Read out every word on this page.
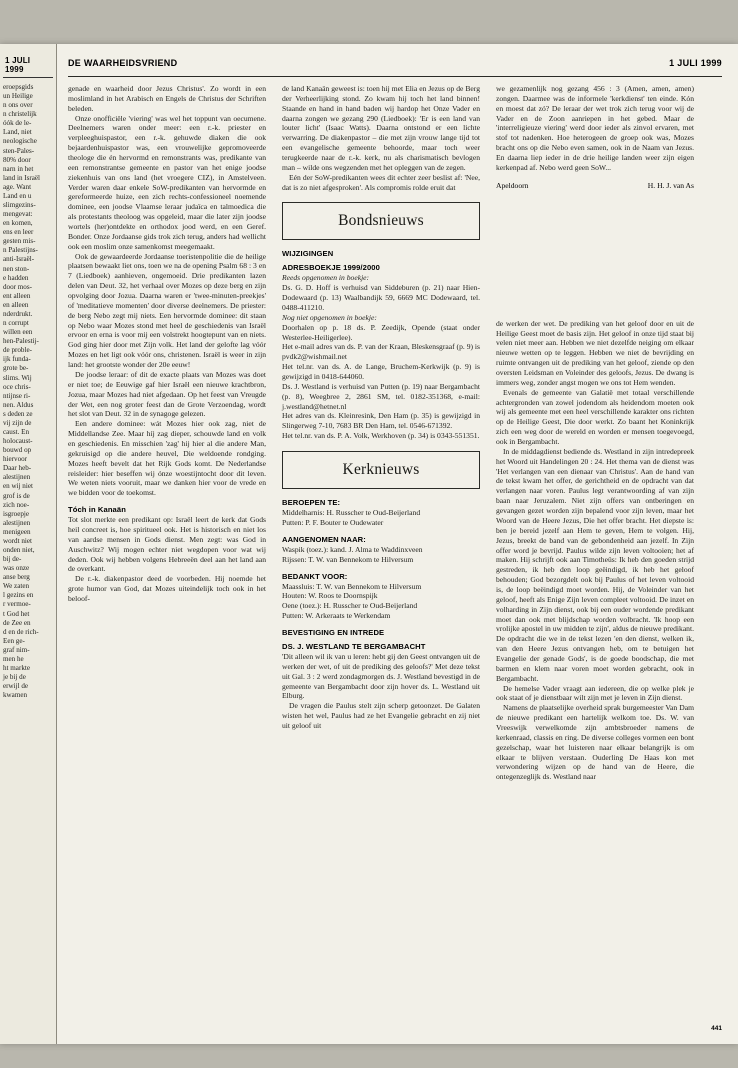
1 JULI 1999

eroepsgids

un Heilige

n ons over

n christelijk

óók de le-

Land, niet

neologische

sten-Pales-

80% door

narn in het

land in Israël

age. Want

Land en u

slimgezins-

mengevat:

en komen,

ens en leer

gesten mis-

n Palestijns-

anti-Israël-

nen ston-

e hadden

door mos-

ent alleen

en alleen

nderdrukt.

n corrupt

willen een

hen-Palestij-

de proble-

ijk funda-

grote be-

slims. Wij

oce chris-

ntijnse ri-

nen. Aldus

s deden ze

vij zijn de

caust. En

holocaust-

bouwd op

hiervoor

Daar heb-

alestijnen

en wij niet

grof is de

zich noe-

isgroepje

alestijnen

menigeen

wordt niet

onden niet,

bij de-

was onze

anse berg

We zaten

l gezins en

r vermoe-

t God het

de Zee en

d en de rich-

Een ge-

graf nim-

men he

ht markte

je bij de

erwijl de

kwamen

DE WAARHEIDSVRIEND	1 JULI 1999

genade en waarheid door Jezus Christus'. Zo wordt in een moslimland in het Arabisch en Engels de Christus der Schriften beleden.

Onze onofficiële 'viering' was wel het toppunt van oecumene. Deelnemers waren onder meer: een r.-k. priester en verpleeghuispastor, een r.-k. gehuwde diaken die ook bejaardenhuispastor was, een vrouwelijke gepromoveerde theologe die én hervormd en remonstrants was, predikante van een remonstrantse gemeente en pastor van het enige joodse ziekenhuis van ons land (het vroegere CIZ), in Amstelveen. Verder waren daar enkele SoW-predikanten van hervormde en gereformeerde huize, een zich rechts-confessioneel noemende dominee, een joodse Vlaamse leraar judaïca en talmoedica die als protestants theoloog was opgeleid, maar die later zijn joodse wortels (her)ontdekte en orthodox jood werd, en een Geref. Bonder. Onze Jordaanse gids trok zich terug, anders had wellicht ook een moslim onze samenkomst meegemaakt.

Ook de gewaardeerde Jordaanse toeristenpolitie die de heilige plaatsen bewaakt liet ons, toen we na de opening Psalm 68 : 3 en 7 (Liedboek) aanhieven, ongemoeid. Drie predikanten lazen delen van Deut. 32, het verhaal over Mozes op deze berg en zijn opvolging door Jozua. Daarna waren er 'twee-minuten-preekjes' of 'meditatieve momenten' door diverse deelnemers. De priester: de berg Nebo zegt mij niets. Een hervormde dominee: dit staan op Nebo waar Mozes stond met heel de geschiedenis van Israël ervoor en erna is voor mij een volstrekt hoogtepunt van en niets. God ging hier door met Zijn volk. Het land der gelofte lag vóór Mozes en het ligt ook vóór ons, christenen. Israël is weer in zijn land: het grootste wonder der 20e eeuw!

De joodse leraar: of dit de exacte plaats van Mozes was doet er niet toe; de Eeuwige gaf hier Israël een nieuwe krachtbron, Jozua, maar Mozes had niet afgedaan. Op het feest van Vreugde der Wet, een nog groter feest dan de Grote Verzoendag, wordt het slot van Deut. 32 in de synagoge gelezen.

Een andere dominee: wát Mozes hier ook zag, niet de Middellandse Zee. Maar híj zag dieper, schouwde land en volk en geschiedenis. En misschien 'zag' hij hier al die andere Man, gekruisigd op die andere heuvel, Die weldoende rondging. Mozes heeft bevelt dat het Rijk Gods komt. De Nederlandse reisleider: hier beseffen wij ónze woestijntocht door dit leven. We weten niets vooruit, maar we danken hier voor de vrede en we bidden voor de toekomst.

Tóch in Kanaän

Tot slot merkte een predikant op: Israël leert de kerk dat Gods heil concreet is, hoe spiritueel ook. Het is historisch en niet los van aardse mensen in Gods dienst. Men zegt: was God in Auschwitz? Wij mogen echter niet wegdopen voor wat wij deden. Ook wij hebben volgens Hebreeën deel aan het land aan de overkant.

De r.-k. diakenpastor deed de voorbeden. Hij noemde het grote humor van God, dat Mozes uiteindelijk toch ook in het beloof-

de land Kanaän geweest is: toen hij met Elia en Jezus op de Berg der Verheerlijking stond. Zo kwam hij toch het land binnen! Staande en hand in hand baden wij hardop het Onze Vader en daarna zongen we gezang 290 (Liedboek): 'Er is een land van louter licht' (Isaac Watts). Daarna ontstond er een lichte verwarring. De diakenpastor – die met zijn vrouw lange tijd tot een evangelische gemeente behoorde, maar toch weer terugkeerde naar de r.-k. kerk, nu als charismatisch bevlogen man – wilde ons wegzenden met het opleggen van de zegen.

Eén der SoW-predikanten wees dit echter zeer beslist af: 'Nee, dat is zo niet afgesproken'. Als compromis rolde eruit dat

Bondsnieuws
WIJZIGINGEN
ADRESBOEKJE 1999/2000

Reeds opgenomen in boekje:

Ds. G. D. Hoff is verhuisd van Siddeburen (p. 21) naar Hien-Dodewaard (p. 13) Waalbandijk 59, 6669 MC Dodewaard, tel. 0488-411210.

Nog niet opgenomen in boekje:

Doorhalen op p. 18 ds. P. Zeedijk, Opende (staat onder Westerlee-Heiligerlee).

Het e-mail adres van ds. P. van der Kraan, Bleskensgraaf (p. 9) is pvdk2@wishmail.net

Het tel.nr. van ds. A. de Lange, Bruchem-Kerkwijk (p. 9) is gewijzigd in 0418-644060.

Ds. J. Westland is verhuisd van Putten (p. 19) naar Bergambacht (p. 8), Weegbree 2, 2861 SM, tel. 0182-351368, e-mail: j.westland@hetnet.nl

Het adres van ds. Kleinresink, Den Ham (p. 35) is gewijzigd in Slingerweg 7-10, 7683 BR Den Ham, tel. 0546-671392.

Het tel.nr. van ds. P. A. Volk, Werkhoven (p. 34) is 0343-551351.

Kerknieuws
BEROEPEN TE:

Middelharnis: H. Russcher te Oud-Beijerland

Putten: P. F. Bouter te Oudewater

AANGENOMEN NAAR:

Waspik (toez.): kand. J. Alma te Waddinxveen

Rijssen: T. W. van Bennekom te Hilversum

BEDANKT VOOR:

Maassluis: T. W. van Bennekom te Hilversum

Houten: W. Roos te Doornspijk

Oene (toez.): H. Russcher te Oud-Beijerland

Putten: W. Arkeraats te Werkendam

BEVESTIGING EN INTREDE
DS. J. WESTLAND TE BERGAMBACHT

'Dit alleen wil ik van u leren: hebt gij den Geest ontvangen uit de werken der wet, of uit de prediking des geloofs?' Met deze tekst uit Gal. 3 : 2 werd zondagmorgen ds. J. Westland bevestigd in de gemeente van Bergambacht door zijn hover ds. L. Westland uit Elburg.

De vragen die Paulus stelt zijn scherp getoonzet. De Galaten wisten het wel, Paulus had ze het Evangelie gebracht en zij niet uit geloof uit

we gezamenlijk nog gezang 456 : 3 (Amen, amen, amen) zongen. Daarmee was de informele 'kerkdienst' ten einde. Kón en moest dat zó? De leraar der wet trok zich terug voor wij de Vader en de Zoon aanriepen in het gebed. Maar de 'interreligieuze viering' werd door ieder als zinvol ervaren, met stof tot nadenken. Hoe heterogeen de groep ook was, Mozes bracht ons op die Nebo even samen, ook in de Naam van Jezus. En daarna liep ieder in de drie heilige landen weer zijn eigen kerkenpad af. Nebo werd geen SoW...

Apeldoorn	H. H. J. van As

de werken der wet. De prediking van het geloof door en uit de Heilige Geest moet de basis zijn. Het geloof in onze tijd staat bij velen niet meer aan. Hebben we niet dezelfde neiging om elkaar nieuwe wetten op te leggen. Hebben we niet de bevrijding en ruimte ontvangen uit de prediking van het geloof, ziende op den oversten Leidsman en Voleinder des geloofs, Jezus. De dwang is immers weg, zonder angst mogen we ons tot Hem wenden.

Evenals de gemeente van Galatië met totaal verschillende achtergronden van zowel jodendom als heidendom moeten ook wij als gemeente met een heel verschillende karakter ons richten op de Heilige Geest, Die door werkt. Zo baant het Koninkrijk zich een weg door de wereld en worden er mensen toegevoegd, ook in Bergambacht.

In de middagdienst bediende ds. Westland in zijn intredepreek het Woord uit Handelingen 20 : 24. Het thema van de dienst was 'Het verlangen van een dienaar van Christus'. Aan de hand van de tekst kwam het offer, de gerichtheid en de opdracht van dat verlangen naar voren. Paulus legt verantwoording af van zijn baan naar Jeruzalem. Niet zijn offers van ontberingen en gevangen gezet worden zijn bepalend voor zijn leven, maar het Woord van de Heere Jezus, Die het offer bracht. Het diepste is: ben je bereid jezelf aan Hem te geven, Hem te volgen. Hij, Jezus, breekt de band van de gebondenheid aan jezelf. In Zijn offer word je bevrijd. Paulus wilde zijn leven voltooien; het af maken. Hij schrijft ook aan Timotheüs: Ik heb den goeden strijd gestreden, ik heb den loop geëindigd, ik heb het geloof behouden; God bezorgdelt ook bij Paulus of het leven voltooid is, de loop beëindigd moet worden. Hij, de Voleinder van het geloof, heeft als Enige Zijn leven compleet voltooid. De inzet en volharding in Zijn dienst, ook bij een ouder wordende predikant moet dan ook met blijdschap worden volbracht. 'Ik hoop een vrolijke apostel in uw midden te zijn', aldus de nieuwe predikant. De opdracht die we in de tekst lezen 'en den dienst, welken ik, van den Heere Jezus ontvangen heb, om te betuigen het Evangelie der genade Gods', is de goede boodschap, die met barmen en klem naar voren moet worden gebracht, ook in Bergambacht.

De hemelse Vader vraagt aan iedereen, die op welke plek je ook staat of je dienstbaar wilt zijn met je leven in Zijn dienst.

Namens de plaatselijke overheid sprak burgemeester Van Dam de nieuwe predikant een hartelijk welkom toe. Ds. W. van Vreeswijk verwelkomde zijn ambtsbroeder namens de kerkenraad, classis en ring. De diverse colleges vormen een bont gezelschap, waar het luisteren naar elkaar belangrijk is om elkaar te blijven verstaan. Ouderling De Haas kon met verwondering wijzen op de hand van de Heere, die ontegenzeglijk ds. Westland naar

441
